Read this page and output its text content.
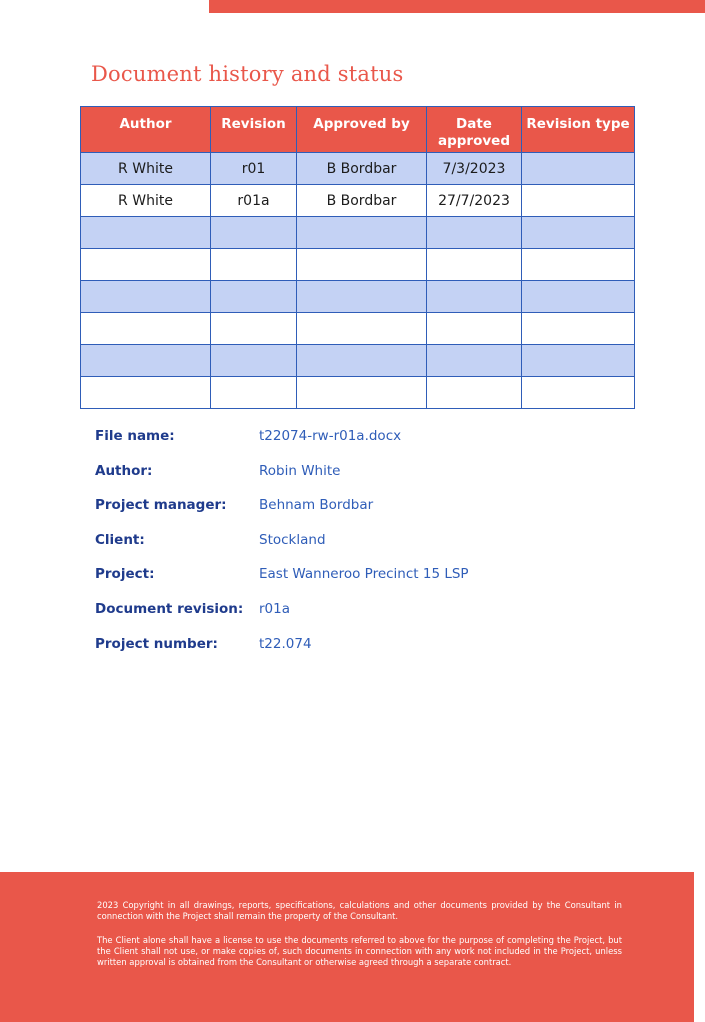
Document history and status
Author	Revision	Approved by	Date approved	Revision type
R White	r01	B Bordbar	7/3/2023	
R White	r01a	B Bordbar	27/7/2023	

File name:	t22074-rw-r01a.docx
Author:	Robin White
Project manager: Behnam Bordbar
Client:	Stockland
Project:	East Wanneroo Precinct 15 LSP
Document revision: r01a
Project number:	t22.074

2023 Copyright in all drawings, reports, specifications, calculations and other documents provided by the Consultant in connection with the Project shall remain the property of the Consultant.

The Client alone shall have a license to use the documents referred to above for the purpose of completing the Project, but the Client shall not use, or make copies of, such documents in connection with any work not included in the Project, unless written approval is obtained from the Consultant or otherwise agreed through a separate contract.
